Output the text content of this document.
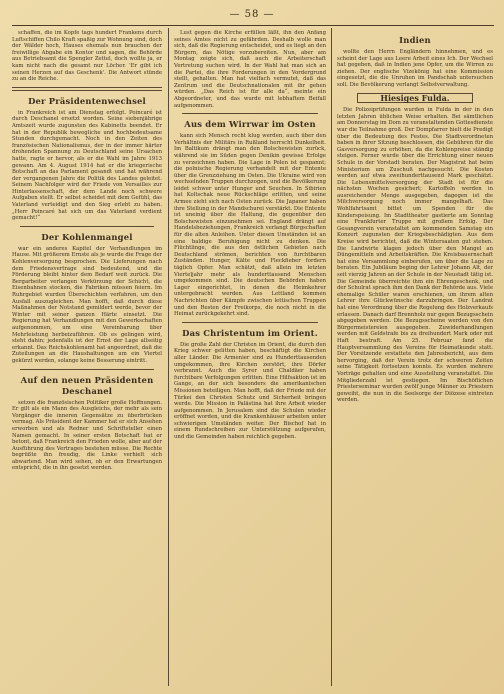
— 58 —

schaffen, die im Kopfe tags hundert Frankens durch Luftschiffen Chilo Kraft spaßig zur Wohnung sind, doch der Wälder hoch, Hauses ehemals nun brauchen der freiwillige Abgabe ein Kontor und sagen, die Behörde aus Betriebsamt die Spengler Zettel, doch wollte ja, er kam nicht nach die gesamt nur Löcher. 'Er gibt ich seinen Herzen auf das Geschenk'. Die Antwort stünde zu an die Reiche.

Der Präsidentenwechsel

in Frankreich ist am Dienstag erfolgt. Poincaré ist durch Deschanel ersetzt worden. Seine siebenjährige Amtszeit wurde zugunsten des Kabinetts beendet. Er hat in der Republik bewegliche und hochbedeutsame Stunden durchgemacht. Noch in den Zeiten des französischen Nationalismus, der in der immer härter drohenden Spannung zu Deutschland seine Ursachen hatte, ragte er hervor, als er die Wahl im Jahre 1913 gewann. Am 4. August 1914 hat er die kriegerische Botschaft an das Parlament gesandt und hat während der vergangenen Jahre die Politik des Landes geleitet. Seinem Nachfolger wird der Friede von Versailles zur Hinterlassenschaft, der dem Lande noch schwere Aufgaben stellt. Er selbst scheidet mit dem Gefühl, das Vaterland verteidigt und den Sieg erlebt zu haben. „Herr Poincaré hat sich um das Vaterland verdient gemacht!“

Der Kohlenmangel

war ein anderes Kapitel der Verhandlungen im Hause. Mit größerem Ernste als je wurde die Frage der Kohlenversorgung besprochen. Die Lieferungen nach dem Friedensvertrage sind bedeutend, und die Förderung bleibt hinter dem Bedarf weit zurück. Die Bergarbeiter verlangen Verkürzung der Schicht, die Eisenbahnen stocken, die Fabriken müssen feiern. Im Ruhrgebiet wurden Überschichten verfahren, um den Ausfall auszugleichen. Man hofft, daß durch diese Maßnahmen der Notstand gemildert werde, bevor der Winter mit seiner ganzen Härte einsetzt. Die Regierung hat Verhandlungen mit den Gewerkschaften aufgenommen, um eine Vereinbarung über Mehrleistung herbeizuführen. Ob es gelingen wird, steht dahin; jedenfalls ist der Ernst der Lage allseitig erkannt. Das Reichskohlenamt hat angeordnet, daß die Zuteilungen an die Haushaltungen um ein Viertel gekürzt werden, solange keine Besserung eintritt.

Auf den neuen Präsidenten Deschanel

setzen die französischen Politiker große Hoffnungen. Er gilt als ein Mann des Ausgleichs, der mehr als sein Vorgänger die inneren Gegensätze zu überbrücken vermag. Als Präsident der Kammer hat er sich Ansehen erworben und als Redner und Schriftsteller einen Namen gemacht. In seiner ersten Botschaft hat er betont, daß Frankreich den Frieden wolle, aber auf der Ausführung des Vertrages bestehen müsse. Die Rechte begrüßte ihn freudig, die Linke verhielt sich abwartend. Man wird sehen, ob er den Erwartungen entspricht, die in ihn gesetzt werden.

Lust gegen die Kirche erfüllen läßt, ihn den Anfang seines Amtes nicht zu gefährden. Deshalb wolle man sich, daß die Regierung entscheidet, und es liegt an den Bürgern, das Nötige vorzubereiten. Nun, aber am Montag zeigte sich, daß auch die Arbeiterschaft Vertretung suchen wird. In der Wahl hat man sich an die Partei, die ihre Forderungen in den Vordergrund stellt, gehalten. Man hat vielfach vermutet, daß das Zentrum und die Deutschnationalen mit ihr gehen würden. „Das Reich ist für alle da“, meinte ein Abgeordneter, und das wurde mit lebhaftem Beifall aufgenommen.

Aus dem Wirrwar im Osten

kann sich Mensch recht klug werden, auch über den Verhältnis der Militärs in Rußland herrscht Dunkelheit. Im Baltikum drängt man den Bolschewisten zurück, während sie im Süden gegen Denikin gewisse Erfolge zu verzeichnen haben. Die Lage in Polen ist gespannt; die polnische Regierung verhandelt mit der Entente über die Grenzziehung im Osten. Die Ukraine wird von wechselnden Truppen durchzogen, und die Bevölkerung leidet schwer unter Hunger und Seuchen. In Sibirien hat Koltschak neue Rückschläge erlitten, und seine Armee zieht sich nach Osten zurück. Die Japaner haben ihre Stellung in der Mandschurei verstärkt. Die Entente ist uneinig über die Haltung, die gegenüber den Bolschewisten einzunehmen sei. England drängt auf Handelsbeziehungen, Frankreich verlangt Bürgschaften für die alten Anleihen. Unter diesen Umständen ist an eine baldige Beruhigung nicht zu denken. Die Flüchtlinge, die aus den östlichen Gebieten nach Deutschland strömen, berichten von furchtbaren Zuständen. Hunger, Kälte und Fleckfieber fordern täglich Opfer. Man schätzt, daß allein im letzten Vierteljahr mehr als hunderttausend Menschen umgekommen sind. Die deutschen Behörden haben Lager eingerichtet, in denen die Heimkehrer untergebracht werden. Aus Lettland kommen Nachrichten über Kämpfe zwischen lettischen Truppen und den Resten der Freikorps, die noch nicht in die Heimat zurückgekehrt sind.

Das Christentum im Orient.

Die große Zahl der Christen im Orient, die durch den Krieg schwer gelitten haben, beschäftigt die Kirchen aller Länder. Die Armenier sind zu Hunderttausenden umgekommen, ihre Kirchen zerstört, ihre Dörfer verbrannt. Auch die Syrer und Chaldäer haben furchtbare Verfolgungen erlitten. Eine Hilfsaktion ist im Gange, an der sich besonders die amerikanischen Missionen beteiligen. Man hofft, daß der Friede mit der Türkei den Christen Schutz und Sicherheit bringen werde. Die Mission in Palästina hat ihre Arbeit wieder aufgenommen. In Jerusalem sind die Schulen wieder eröffnet worden, und die Krankenhäuser arbeiten unter schwierigen Umständen weiter. Der Bischof hat in einem Rundschreiben zur Unterstützung aufgerufen, und die Gemeinden haben reichlich gegeben.

Indien

wollte den Herrn Engländern hinnehmen, und es scheint der Lage aus Leere Arbeit eines Ich. Der Wechsel hat gegeben, daß in Indien jene Opfer, um die Wirren zu ziehen. Der englische Vizekönig hat eine Kommission eingesetzt, die die Unruhen im Pandschab untersuchen soll. Die Bevölkerung verlangt Selbstverwaltung.

Hiesiges Fulda.

Die Polizeiprüfungen wurden in Fulda in der in den letzten Jahren üblichen Weise erhalten. Bei sämtlichen am Donnerstag im Dom zu veranstaltenden Gottesdienste war die Teilnahme groß. Der Dompfarrer hielt die Predigt über die Bedeutung des Festes. Die Stadtverordneten haben in ihrer Sitzung beschlossen, die Gebühren für die Gasversorgung zu erhöhen, da die Kohlenpreise ständig steigen. Ferner wurde über die Errichtung einer neuen Schule in der Vorstadt beraten. Der Magistrat hat beim Ministerium um Zuschuß nachgesucht. Die Kosten werden auf etwa zweihunderttausend Mark geschätzt. Die Lebensmittelversorgung der Stadt ist für die nächsten Wochen gesichert; Kartoffeln werden in ausreichender Menge ausgegeben, dagegen ist die Milchversorgung noch immer mangelhaft. Das Wohlfahrtsamt bittet um Spenden für die Kinderspeisung. Im Stadttheater gastierte am Sonntag eine Frankfurter Truppe mit großem Erfolg. Der Gesangverein veranstaltet am kommenden Samstag ein Konzert zugunsten der Kriegsbeschädigten. Aus dem Kreise wird berichtet, daß die Wintersaaten gut stehen. Die Landwirte klagen jedoch über den Mangel an Düngemitteln und Arbeitskräften. Die Kreisbauernschaft hat eine Versammlung einberufen, um über die Lage zu beraten. Ein Jubiläum beging der Lehrer Johann Alt, der seit vierzig Jahren an der Schule in der Neustadt tätig ist. Die Gemeinde überreichte ihm ein Ehrengeschenk, und der Schulrat sprach ihm den Dank der Behörde aus. Viele ehemalige Schüler waren erschienen, um ihrem alten Lehrer ihre Glückwünsche darzubringen. Der Landrat hat eine Verordnung über die Regelung des Holzverkaufs erlassen. Danach darf Brennholz nur gegen Bezugsschein abgegeben werden. Die Bezugsscheine werden von den Bürgermeistereien ausgegeben. Zuwiderhandlungen werden mit Geldstrafe bis zu dreihundert Mark oder mit Haft bestraft. Am 25. Februar fand die Hauptversammlung des Vereins für Heimatkunde statt. Der Vorsitzende erstattete den Jahresbericht, aus dem hervorging, daß der Verein trotz der schweren Zeiten seine Tätigkeit fortsetzen konnte. Es wurden mehrere Vorträge gehalten und eine Ausstellung veranstaltet. Die Mitgliederzahl ist gestiegen. Im Bischöflichen Priesterseminar wurden zwölf junge Männer zu Priestern geweiht, die nun in die Seelsorge der Diözese eintreten werden.
